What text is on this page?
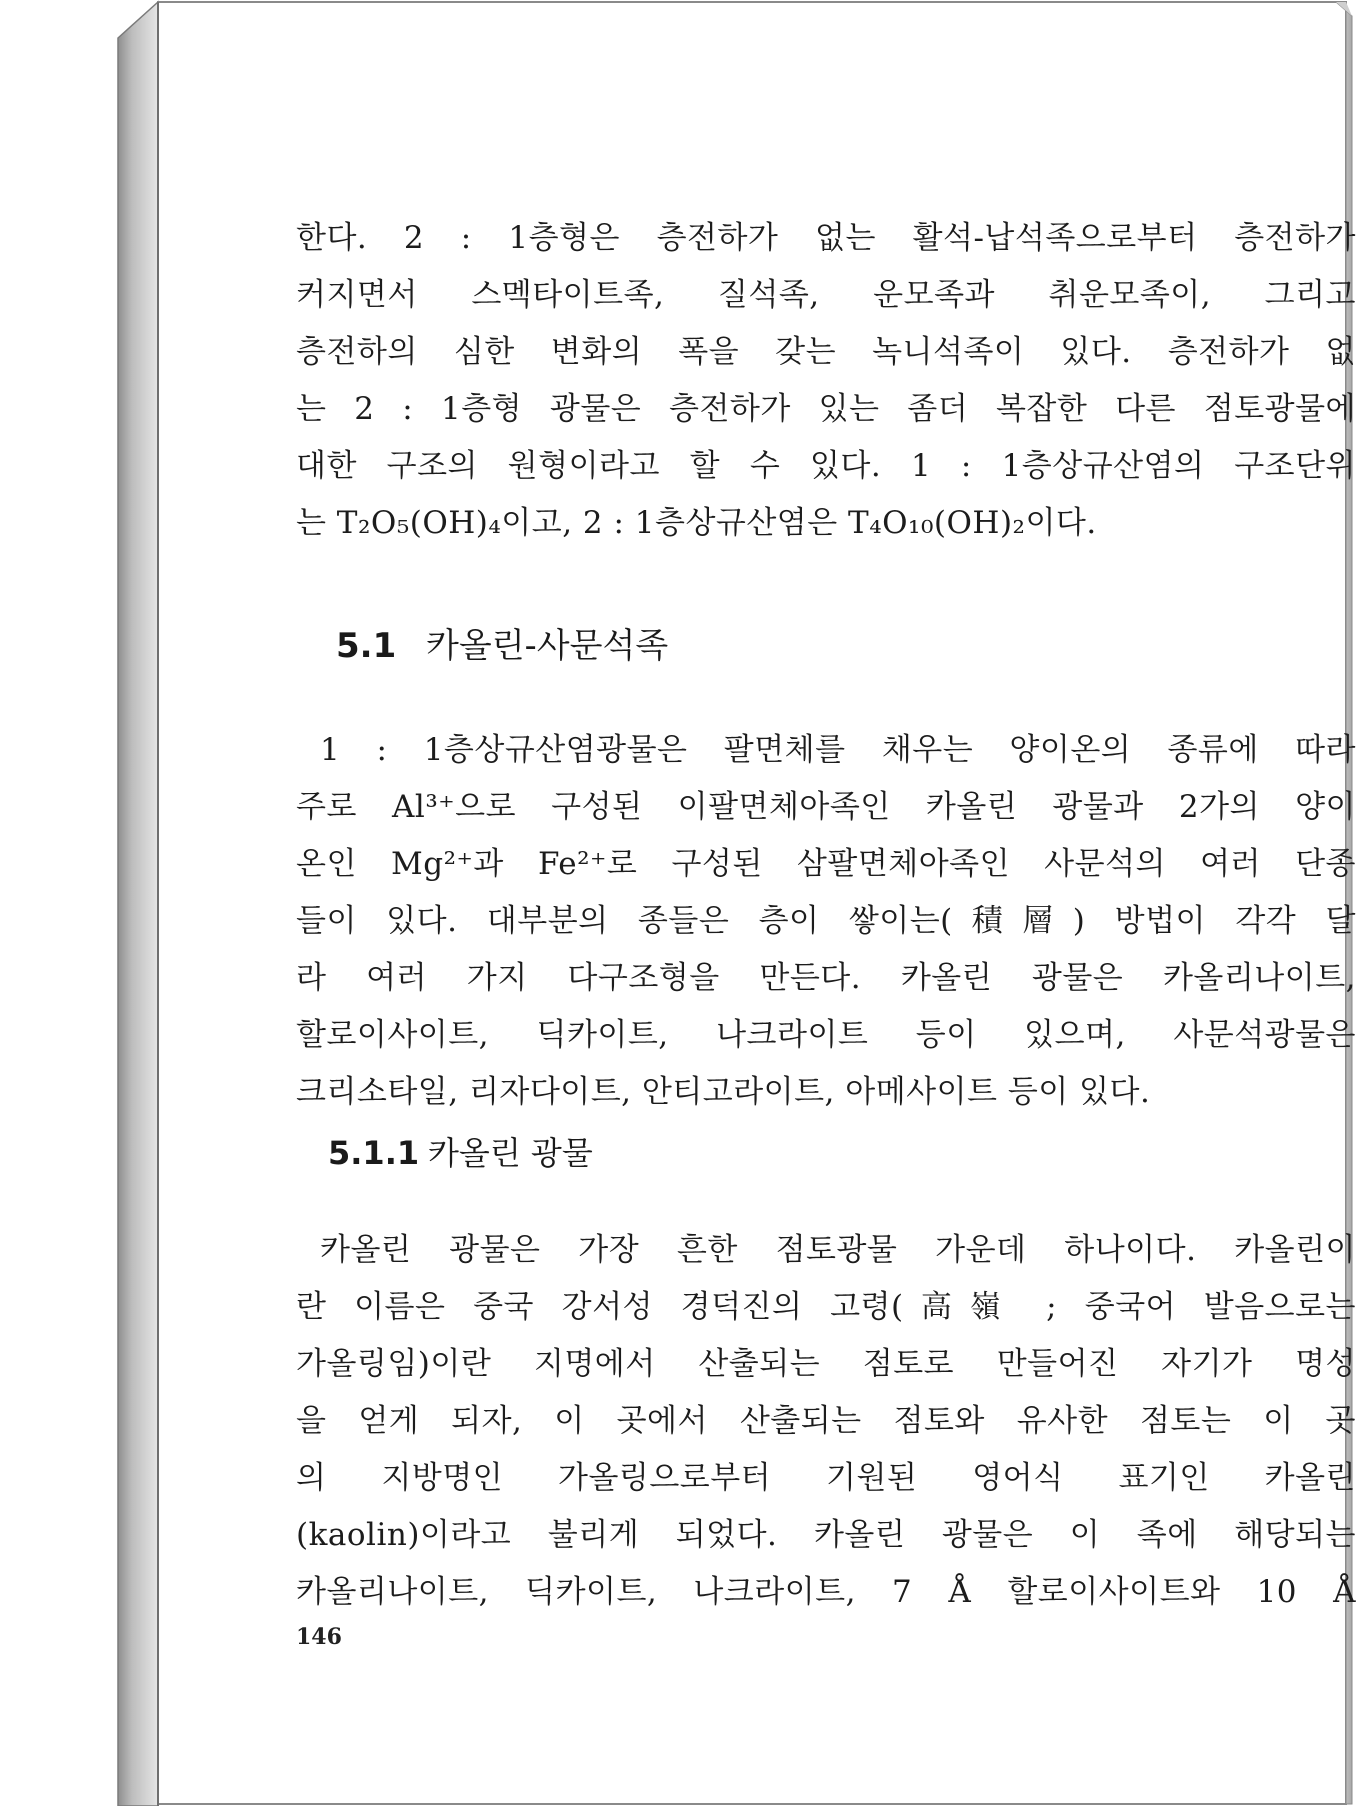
한다. 2 : 1층형은 층전하가 없는 활석-납석족으로부터 층전하가
커지면서 스멕타이트족, 질석족, 운모족과 취운모족이, 그리고
층전하의 심한 변화의 폭을 갖는 녹니석족이 있다. 층전하가 없
는 2 : 1층형 광물은 층전하가 있는 좀더 복잡한 다른 점토광물에
대한 구조의 원형이라고 할 수 있다. 1 : 1층상규산염의 구조단위
는 T₂O₅(OH)₄이고, 2 : 1층상규산염은 T₄O₁₀(OH)₂이다.
5.1 카올린-사문석족
1 : 1층상규산염광물은 팔면체를 채우는 양이온의 종류에 따라
주로 Al³⁺으로 구성된 이팔면체아족인 카올린 광물과 2가의 양이
온인 Mg²⁺과 Fe²⁺로 구성된 삼팔면체아족인 사문석의 여러 단종
들이 있다. 대부분의 종들은 층이 쌓이는(積層) 방법이 각각 달
라 여러 가지 다구조형을 만든다. 카올린 광물은 카올리나이트,
할로이사이트, 딕카이트, 나크라이트 등이 있으며, 사문석광물은
크리소타일, 리자다이트, 안티고라이트, 아메사이트 등이 있다.
5.1.1 카올린 광물
카올린 광물은 가장 흔한 점토광물 가운데 하나이다. 카올린이
란 이름은 중국 강서성 경덕진의 고령(高嶺 ; 중국어 발음으로는
가올링임)이란 지명에서 산출되는 점토로 만들어진 자기가 명성
을 얻게 되자, 이 곳에서 산출되는 점토와 유사한 점토는 이 곳
의 지방명인 가올링으로부터 기원된 영어식 표기인 카올린
(kaolin)이라고 불리게 되었다. 카올린 광물은 이 족에 해당되는
카올리나이트, 딕카이트, 나크라이트, 7 Å 할로이사이트와 10 Å
146
